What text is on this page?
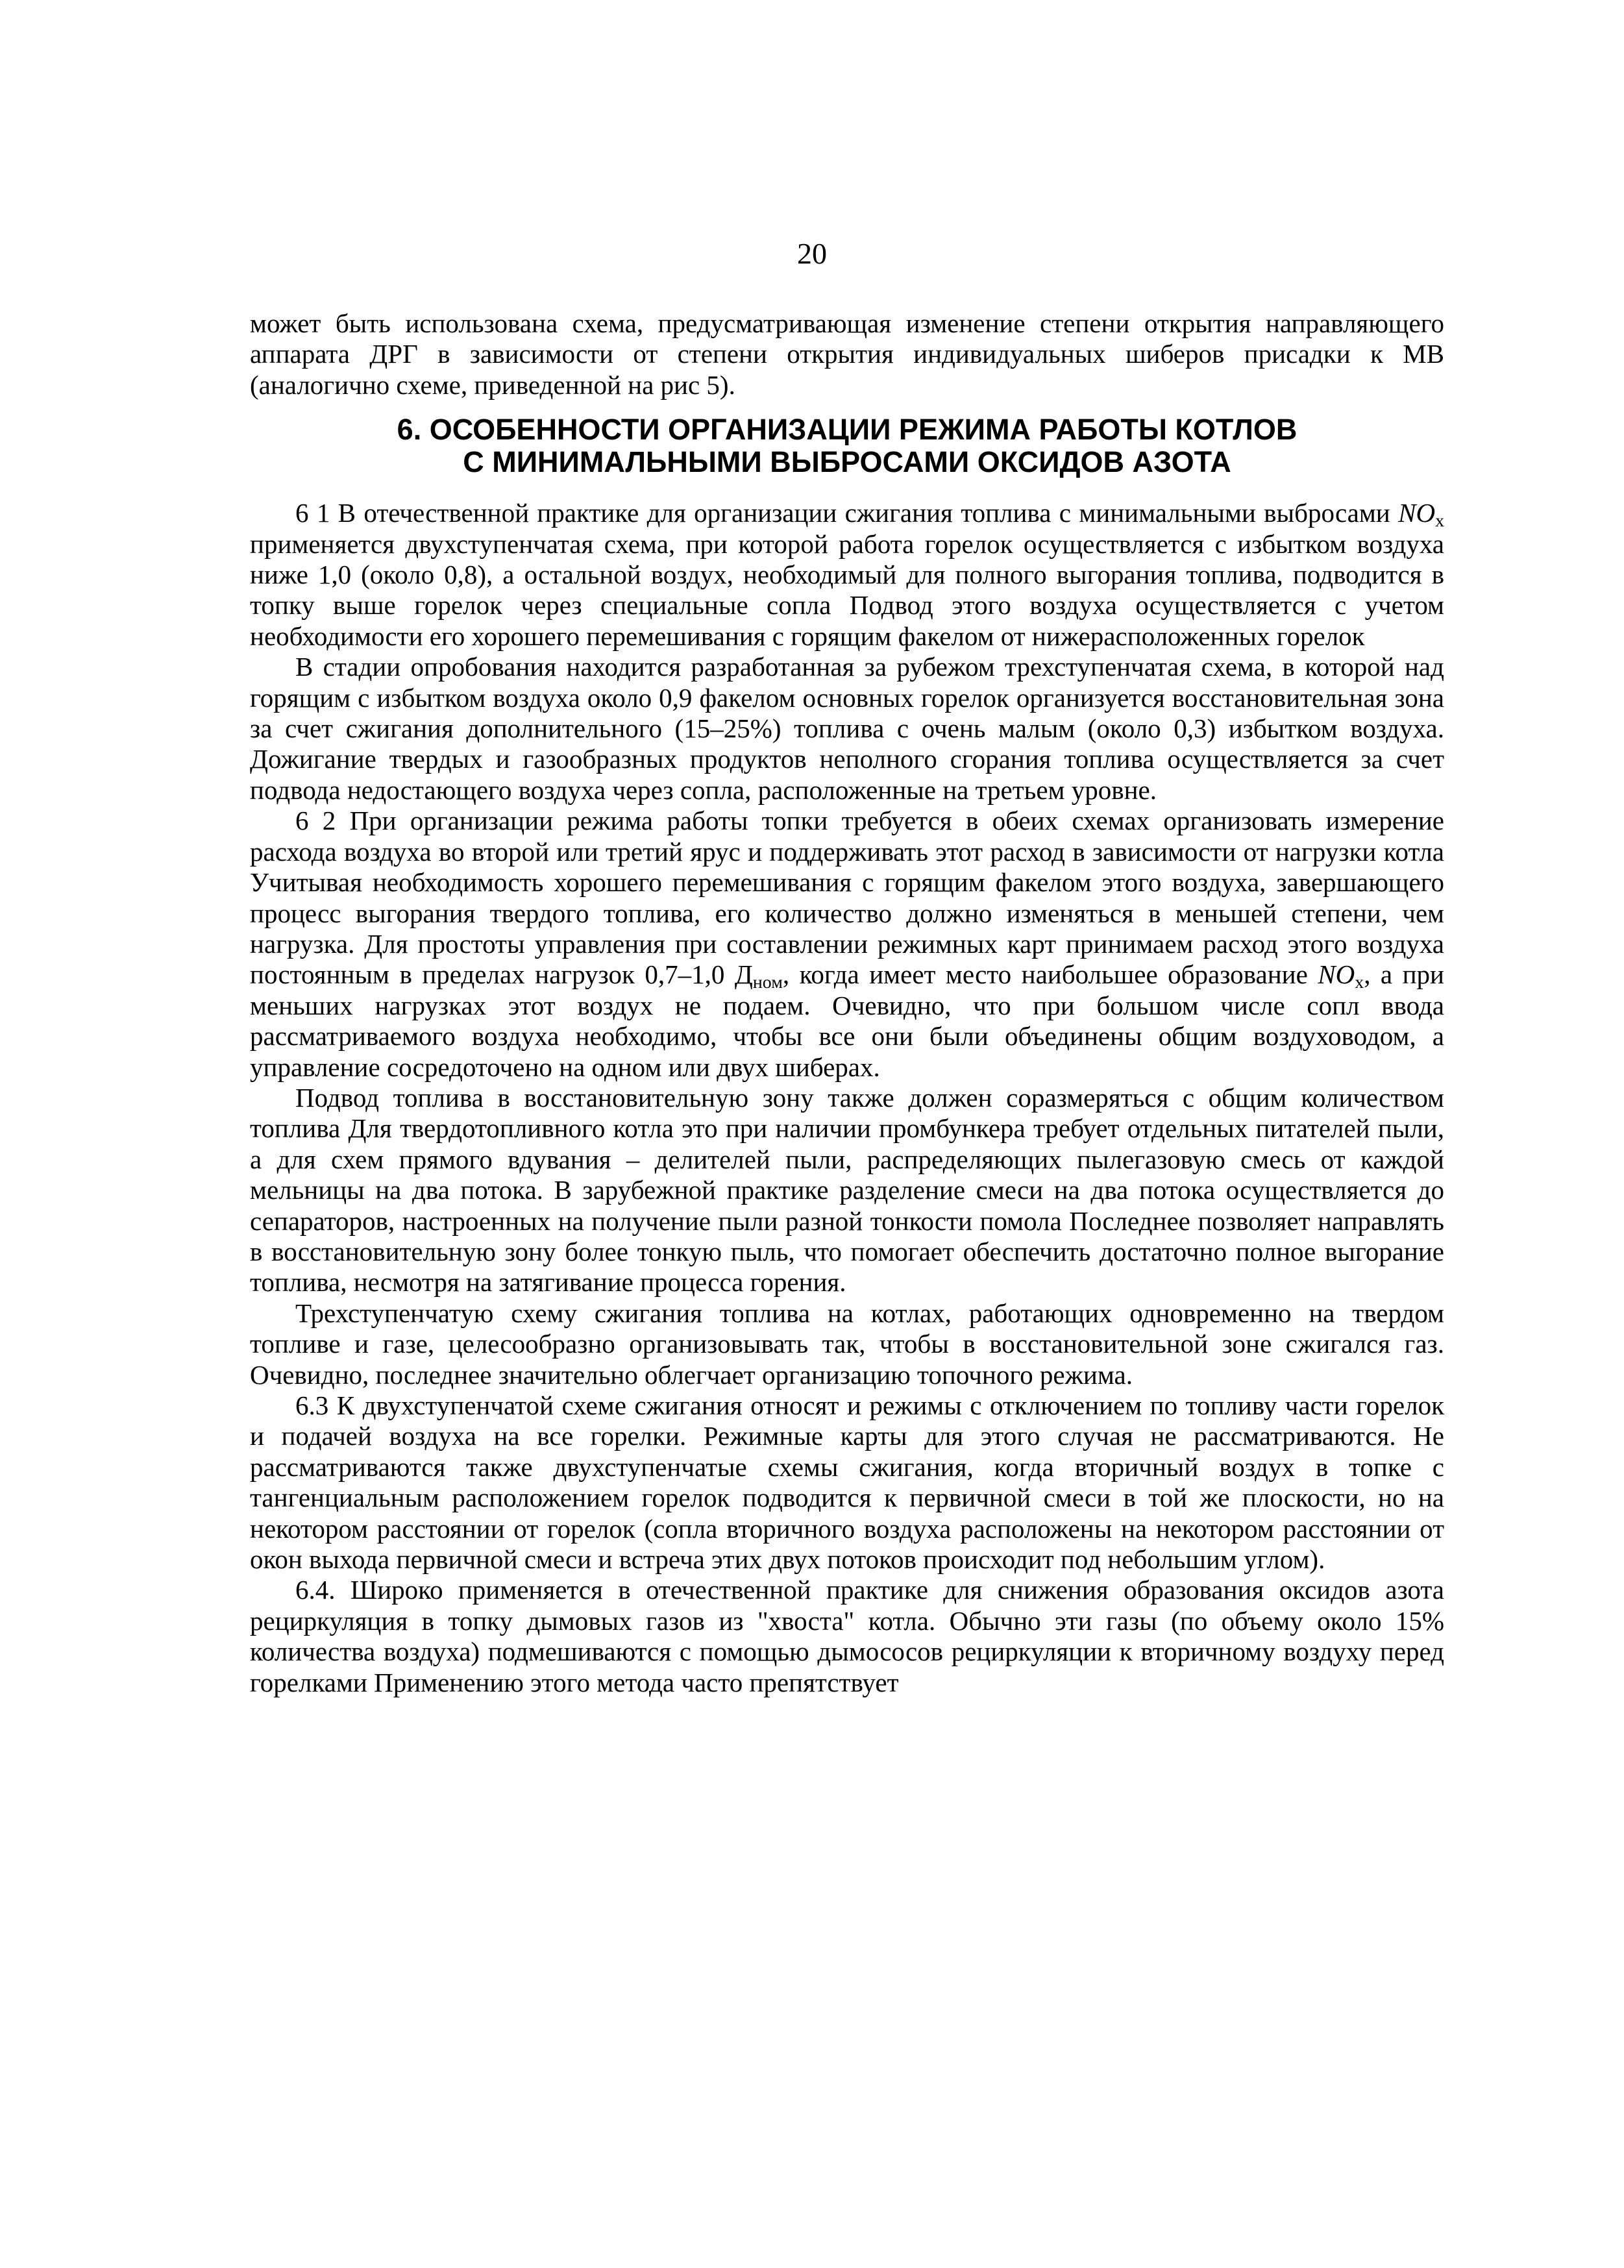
20

может быть использована схема, предусматривающая изменение степени открытия направляющего аппарата ДРГ в зависимости от степени открытия индивидуальных шиберов присадки к МВ (аналогично схеме, приведенной на рис 5).

6. ОСОБЕННОСТИ ОРГАНИЗАЦИИ РЕЖИМА РАБОТЫ КОТЛОВ
С МИНИМАЛЬНЫМИ ВЫБРОСАМИ ОКСИДОВ АЗОТА

6 1 В отечественной практике для организации сжигания топлива с минимальными выбросами $NO_x$ применяется двухступенчатая схема, при которой работа горелок осуществляется с избытком воздуха ниже 1,0 (около 0,8), а остальной воздух, необходимый для полного выгорания топлива, подводится в топку выше горелок через специальные сопла Подвод этого воздуха осуществляется с учетом необходимости его хорошего перемешивания с горящим факелом от нижерасположенных горелок

В стадии опробования находится разработанная за рубежом трехступенчатая схема, в которой над горящим с избытком воздуха около 0,9 факелом основных горелок организуется восстановительная зона за счет сжигания дополнительного (15–25%) топлива с очень малым (около 0,3) избытком воздуха. Дожигание твердых и газообразных продуктов неполного сгорания топлива осуществляется за счет подвода недостающего воздуха через сопла, расположенные на третьем уровне.

6 2 При организации режима работы топки требуется в обеих схемах организовать измерение расхода воздуха во второй или третий ярус и поддерживать этот расход в зависимости от нагрузки котла Учитывая необходимость хорошего перемешивания с горящим факелом этого воздуха, завершающего процесс выгорания твердого топлива, его количество должно изменяться в меньшей степени, чем нагрузка. Для простоты управления при составлении режимных карт принимаем расход этого воздуха постоянным в пределах нагрузок 0,7–1,0 $Д_{ном}$, когда имеет место наибольшее образование $NO_x$, а при меньших нагрузках этот воздух не подаем. Очевидно, что при большом числе сопл ввода рассматриваемого воздуха необходимо, чтобы все они были объединены общим воздуховодом, а управление сосредоточено на одном или двух шиберах.

Подвод топлива в восстановительную зону также должен соразмеряться с общим количеством топлива Для твердотопливного котла это при наличии промбункера требует отдельных питателей пыли, а для схем прямого вдувания – делителей пыли, распределяющих пылегазовую смесь от каждой мельницы на два потока. В зарубежной практике разделение смеси на два потока осуществляется до сепараторов, настроенных на получение пыли разной тонкости помола Последнее позволяет направлять в восстановительную зону более тонкую пыль, что помогает обеспечить достаточно полное выгорание топлива, несмотря на затягивание процесса горения.

Трехступенчатую схему сжигания топлива на котлах, работающих одновременно на твердом топливе и газе, целесообразно организовывать так, чтобы в восстановительной зоне сжигался газ. Очевидно, последнее значительно облегчает организацию топочного режима.

6.3 К двухступенчатой схеме сжигания относят и режимы с отключением по топливу части горелок и подачей воздуха на все горелки. Режимные карты для этого случая не рассматриваются. Не рассматриваются также двухступенчатые схемы сжигания, когда вторичный воздух в топке с тангенциальным расположением горелок подводится к первичной смеси в той же плоскости, но на некотором расстоянии от горелок (сопла вторичного воздуха расположены на некотором расстоянии от окон выхода первичной смеси и встреча этих двух потоков происходит под небольшим углом).

6.4. Широко применяется в отечественной практике для снижения образования оксидов азота рециркуляция в топку дымовых газов из "хвоста" котла. Обычно эти газы (по объему около 15% количества воздуха) подмешиваются с помощью дымососов рециркуляции к вторичному воздуху перед горелками Применению этого метода часто препятствует
